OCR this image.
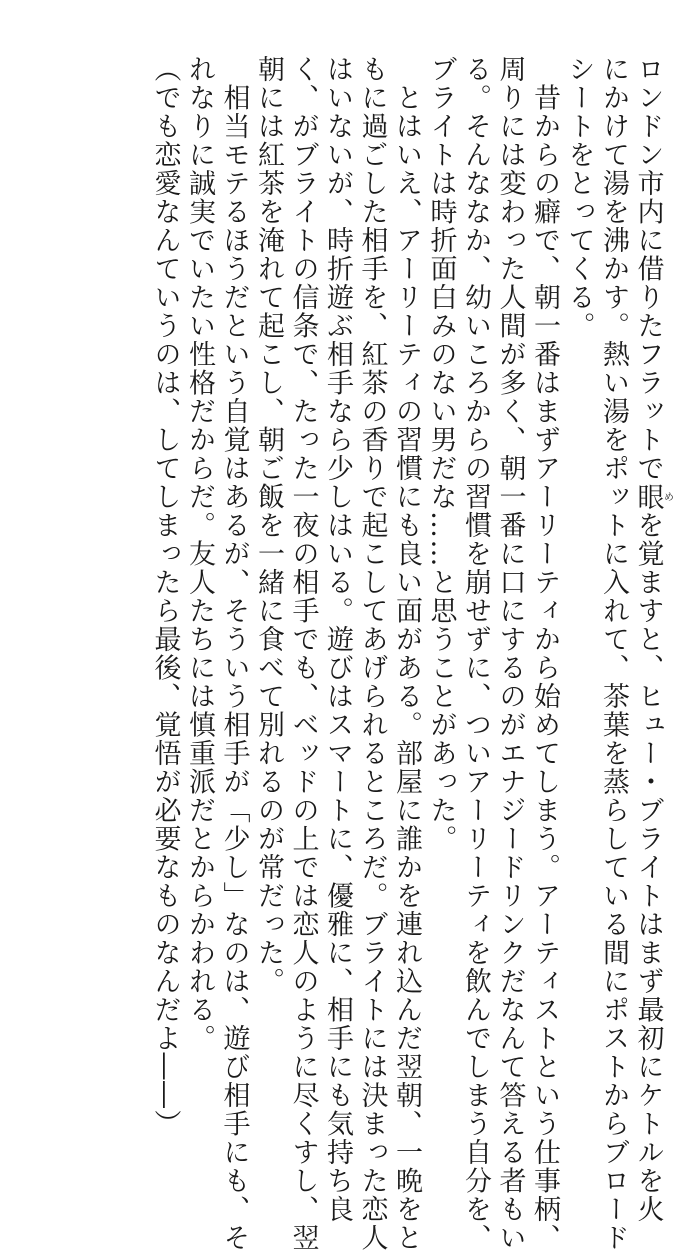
ロンドン市内に借りたフラットで眼めを覚ますと、ヒュー・ブライトはまず最初にケトルを火
にかけて湯を沸かす。熱い湯をポットに入れて、茶葉を蒸らしている間にポストからブロード
シートをとってくる。
　昔からの癖で、朝一番はまずアーリーティから始めてしまう。アーティストという仕事柄、
周りには変わった人間が多く、朝一番に口にするのがエナジードリンクだなんて答える者もい
る。そんななか、幼いころからの習慣を崩せずに、ついアーリーティを飲んでしまう自分を、
ブライトは時折面白みのない男だな……と思うことがあった。
　とはいえ、アーリーティの習慣にも良い面がある。部屋に誰かを連れ込んだ翌朝、一晩をと
もに過ごした相手を、紅茶の香りで起こしてあげられるところだ。ブライトには決まった恋人
はいないが、時折遊ぶ相手なら少しはいる。遊びはスマートに、優雅に、相手にも気持ち良
く、がブライトの信条で、たった一夜の相手でも、ベッドの上では恋人のように尽くすし、翌
朝には紅茶を淹れて起こし、朝ご飯を一緒に食べて別れるのが常だった。
　相当モテるほうだという自覚はあるが、そういう相手が「少し」なのは、遊び相手にも、そ
れなりに誠実でいたい性格だからだ。友人たちには慎重派だとからかわれる。
（でも恋愛なんていうのは、してしまったら最後、覚悟が必要なものなんだよ――）
